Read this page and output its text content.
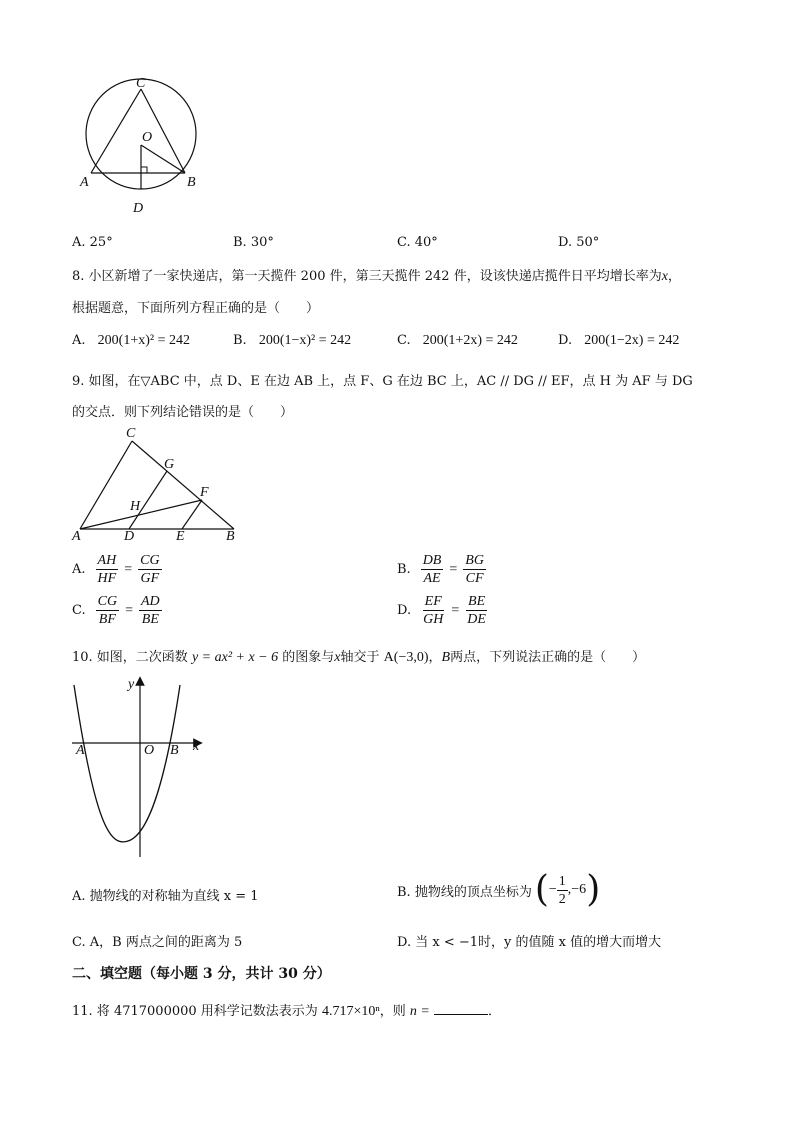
C
O
A	B
D
A. 25°	B. 30°	C. 40°	D. 50°
8. 小区新增了一家快递店，第一天揽件 200 件，第三天揽件 242 件，设该快递店揽件日平均增长率为x，
根据题意，下面所列方程正确的是（　　）
A. 200(1+x)² = 242	B. 200(1−x)² = 242	C. 200(1+2x) = 242	D. 200(1−2x) = 242
9. 如图，在▽ABC 中，点 D、E 在边 AB 上，点 F、G 在边 BC 上，AC // DG // EF，点 H 为 AF 与 DG
的交点．则下列结论错误的是（　　）
C
G
F
H
A	D	E	B
A. $\frac{AH}{HF} = \frac{CG}{GF}$	B. $\frac{DB}{AE} = \frac{BG}{CF}$
C. $\frac{CG}{BF} = \frac{AD}{BE}$	D. $\frac{EF}{GH} = \frac{BE}{DE}$
10. 如图，二次函数 y = ax² + x − 6 的图象与x轴交于 A(−3,0)，B两点，下列说法正确的是（　　）
y
x
A	O B
A. 抛物线的对称轴为直线 x = 1	B. 抛物线的顶点坐标为 ( − $\frac{1}{2} ,-6$ )
C. A，B 两点之间的距离为 5	D. 当 x < −1时，y 的值随 x 值的增大而增大
二、填空题（每小题 3 分，共计 30 分）
11. 将 4717000000 用科学记数法表示为 4.717×10ⁿ，则 n =	．
